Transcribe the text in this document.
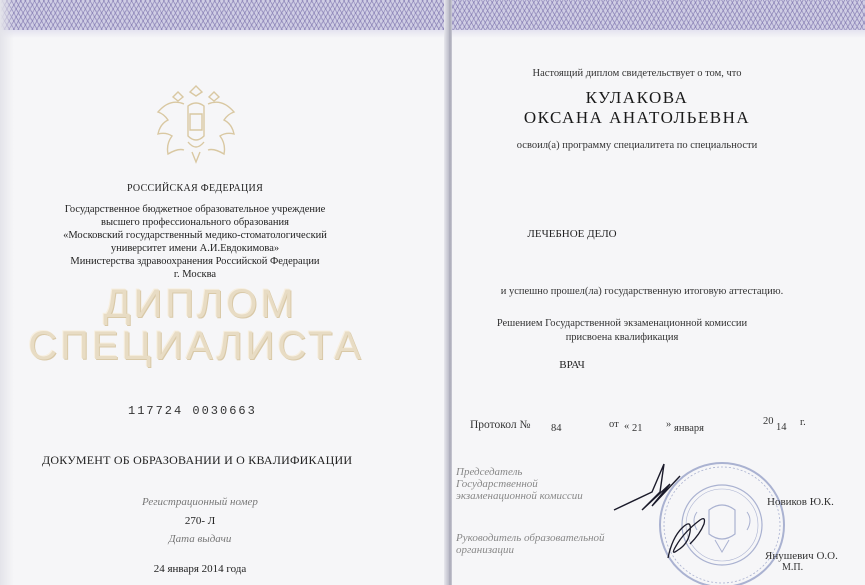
РОССИЙСКАЯ ФЕДЕРАЦИЯ
Государственное бюджетное образовательное учреждение
высшего профессионального образования
«Московский государственный медико-стоматологический
университет имени А.И.Евдокимова»
Министерства здравоохранения Российской Федерации
г. Москва
ДИПЛОМ
СПЕЦИАЛИСТА
117724 0030663
ДОКУМЕНТ ОБ ОБРАЗОВАНИИ И О КВАЛИФИКАЦИИ
Регистрационный номер
270- Л
Дата выдачи
24 января 2014 года
Настоящий диплом свидетельствует о том, что
КУЛАКОВА
ОКСАНА АНАТОЛЬЕВНА
освоил(а) программу специалитета по специальности
ЛЕЧЕБНОЕ ДЕЛО
и успешно прошел(ла) государственную итоговую аттестацию.
Решением Государственной экзаменационной комиссии
присвоена квалификация
ВРАЧ
Протокол № 84	от « 21 » января
20
14 г.
Председатель
Государственной
экзаменационной комиссии
Руководитель образовательной
организации
Новиков Ю.К.
Янушевич О.О.
М.П.
